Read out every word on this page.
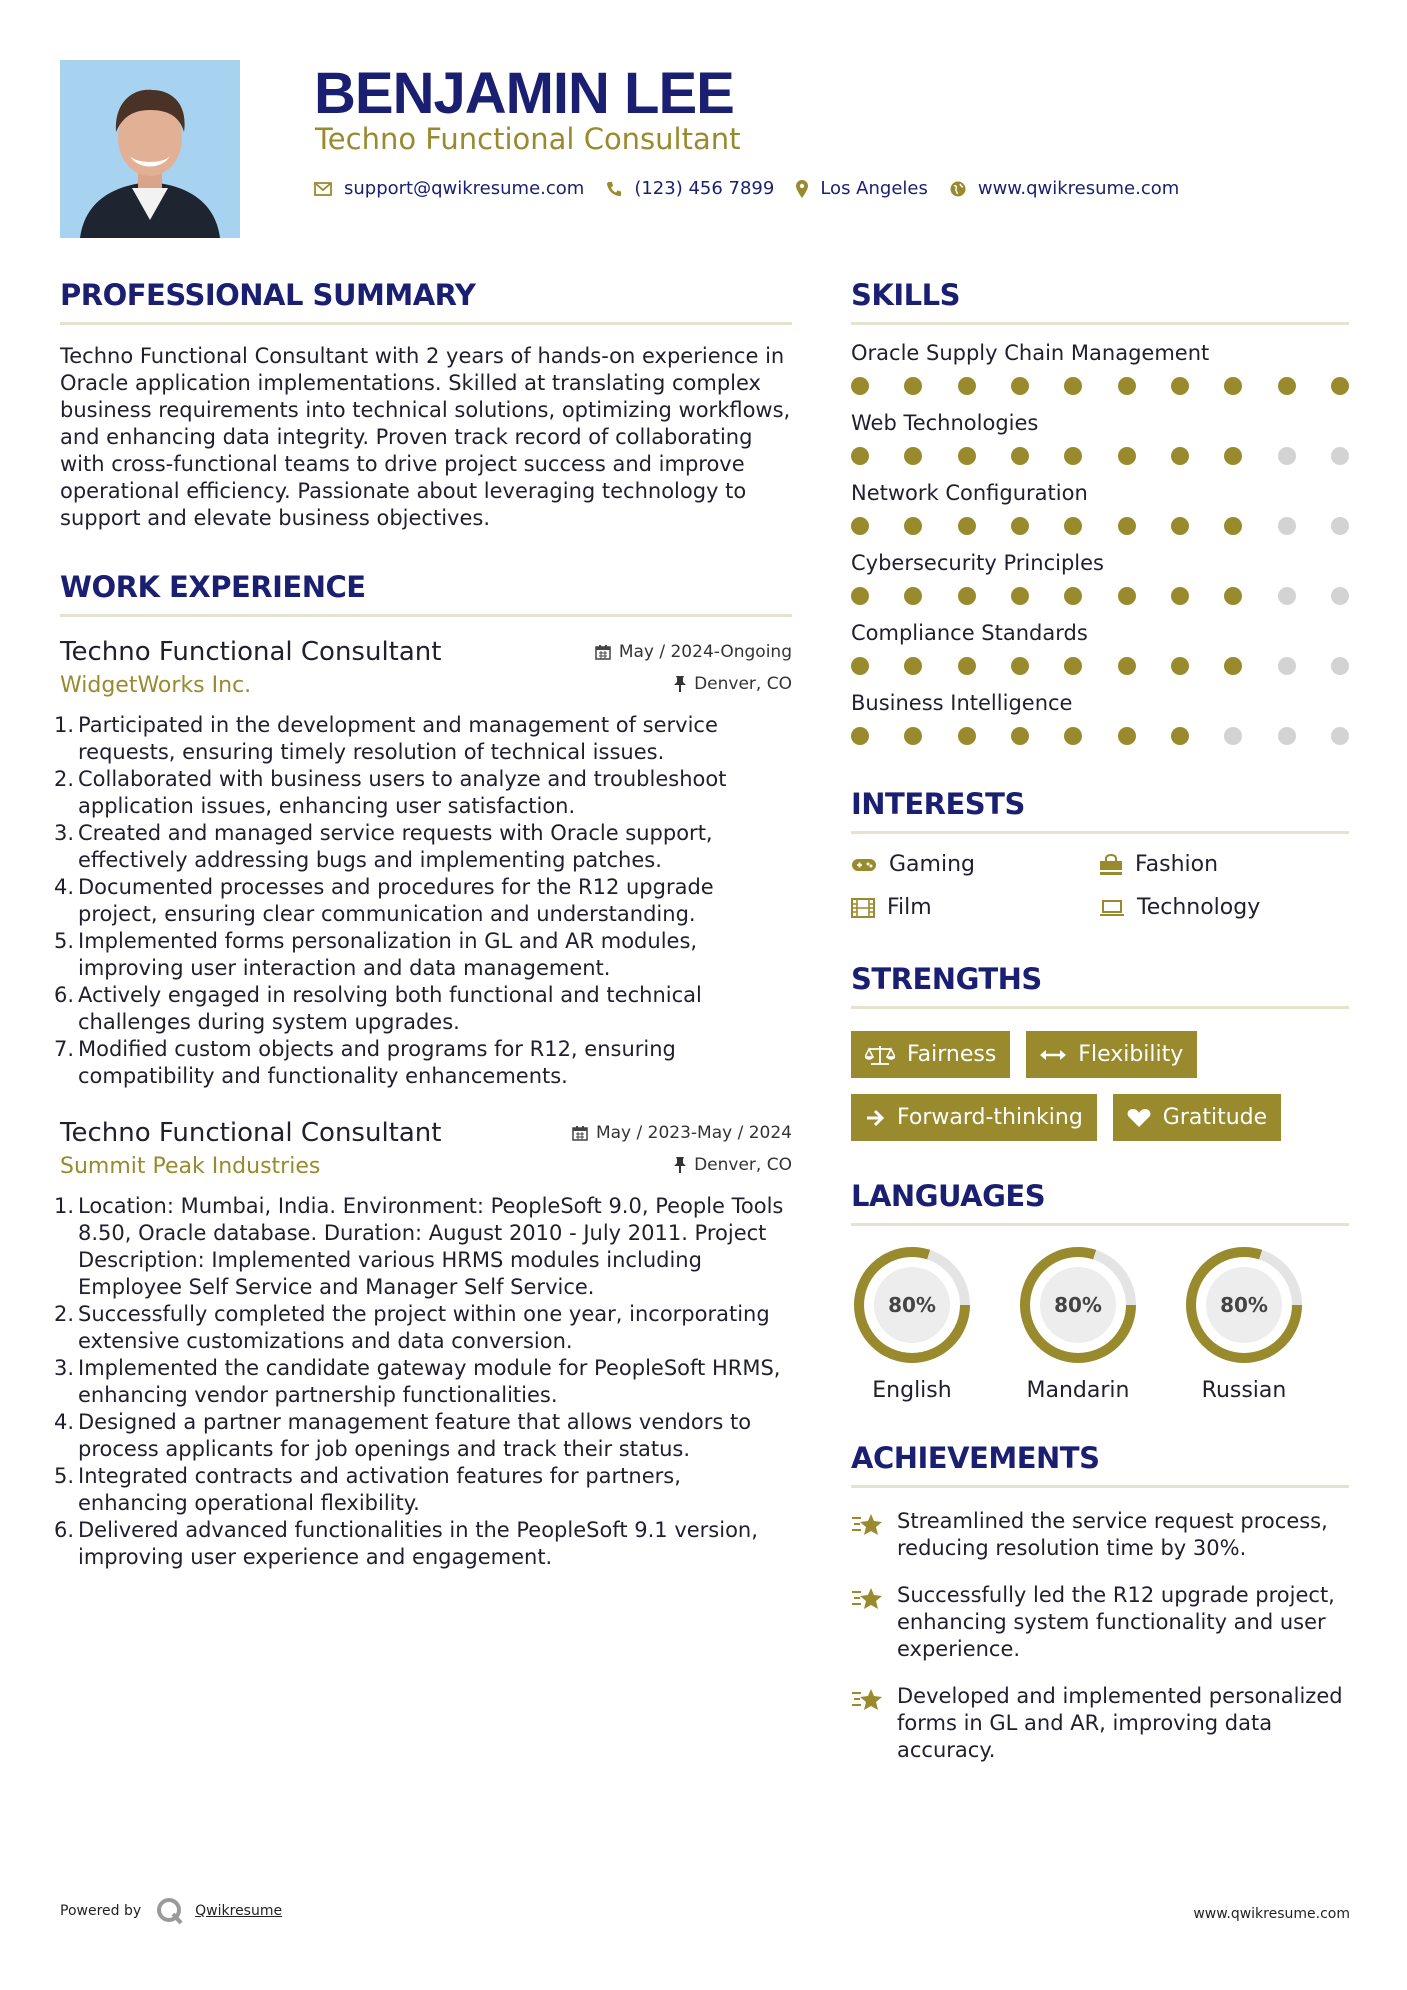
BENJAMIN LEE
Techno Functional Consultant
support@qwikresume.com	(123) 456 7899	Los Angeles	www.qwikresume.com
PROFESSIONAL SUMMARY

Techno Functional Consultant with 2 years of hands-on experience in Oracle application implementations. Skilled at translating complex business requirements into technical solutions, optimizing workflows, and enhancing data integrity. Proven track record of collaborating with cross-functional teams to drive project success and improve operational efficiency. Passionate about leveraging technology to support and elevate business objectives.

WORK EXPERIENCE
Techno Functional Consultant	May / 2024-Ongoing
WidgetWorks Inc.	Denver, CO
Participated in the development and management of service requests, ensuring timely resolution of technical issues.
Collaborated with business users to analyze and troubleshoot application issues, enhancing user satisfaction.
Created and managed service requests with Oracle support, effectively addressing bugs and implementing patches.
Documented processes and procedures for the R12 upgrade project, ensuring clear communication and understanding.
Implemented forms personalization in GL and AR modules, improving user interaction and data management.
Actively engaged in resolving both functional and technical challenges during system upgrades.
Modified custom objects and programs for R12, ensuring compatibility and functionality enhancements.
Techno Functional Consultant	May / 2023-May / 2024
Summit Peak Industries	Denver, CO
Location: Mumbai, India. Environment: PeopleSoft 9.0, People Tools 8.50, Oracle database. Duration: August 2010 - July 2011. Project Description: Implemented various HRMS modules including Employee Self Service and Manager Self Service.
Successfully completed the project within one year, incorporating extensive customizations and data conversion.
Implemented the candidate gateway module for PeopleSoft HRMS, enhancing vendor partnership functionalities.
Designed a partner management feature that allows vendors to process applicants for job openings and track their status.
Integrated contracts and activation features for partners, enhancing operational flexibility.
Delivered advanced functionalities in the PeopleSoft 9.1 version, improving user experience and engagement.
SKILLS
Oracle Supply Chain Management
Web Technologies
Network Configuration
Cybersecurity Principles
Compliance Standards
Business Intelligence
INTERESTS
Gaming	Fashion
Film	Technology
STRENGTHS
Fairness	Flexibility
Forward-thinking	Gratitude
LANGUAGES
80%
English
80%
Mandarin
80%
Russian
ACHIEVEMENTS
Streamlined the service request process, reducing resolution time by 30%.
Successfully led the R12 upgrade project, enhancing system functionality and user experience.
Developed and implemented personalized forms in GL and AR, improving data accuracy.
Powered by	Qwikresume	www.qwikresume.com
